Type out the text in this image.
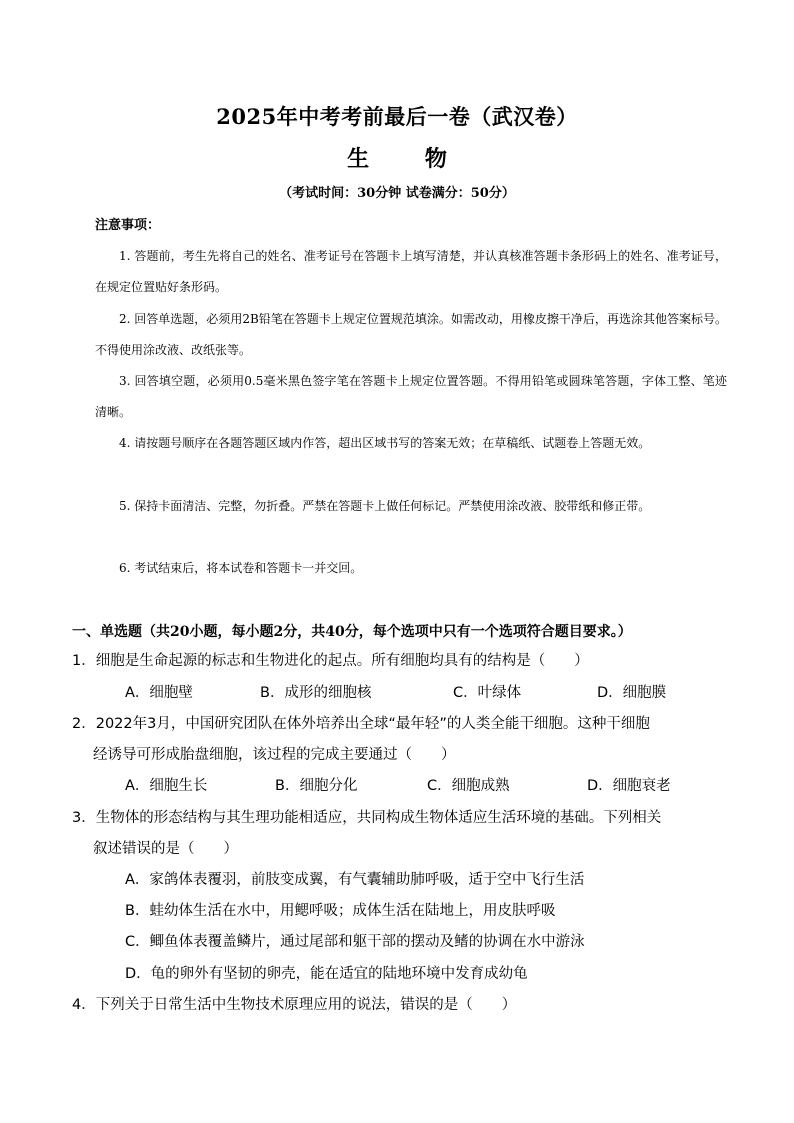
2025年中考考前最后一卷（武汉卷）
生 物
（考试时间：30分钟 试卷满分：50分）
注意事项：
1. 答题前，考生先将自己的姓名、准考证号在答题卡上填写清楚，并认真核准答题卡条形码上的姓名、准考证号，在规定位置贴好条形码。
2. 回答单选题，必须用2B铅笔在答题卡上规定位置规范填涂。如需改动，用橡皮擦干净后，再选涂其他答案标号。不得使用涂改液、改纸张等。
3. 回答填空题，必须用0.5毫米黑色签字笔在答题卡上规定位置答题。不得用铅笔或圆珠笔答题，字体工整、笔迹清晰。
4. 请按题号顺序在各题答题区域内作答，超出区域书写的答案无效；在草稿纸、试题卷上答题无效。
5. 保持卡面清洁、完整，勿折叠。严禁在答题卡上做任何标记。严禁使用涂改液、胶带纸和修正带。
6. 考试结束后，将本试卷和答题卡一并交回。
一、单选题（共20小题，每小题2分，共40分，每个选项中只有一个选项符合题目要求。）
1．细胞是生命起源的标志和生物进化的起点。所有细胞均具有的结构是（　　）
A．细胞壁	B．成形的细胞核	C．叶绿体	D．细胞膜
2．2022年3月，中国研究团队在体外培养出全球“最年轻”的人类全能干细胞。这种干细胞
经诱导可形成胎盘细胞，该过程的完成主要通过（　　）
A．细胞生长	B．细胞分化	C．细胞成熟	D．细胞衰老
3．生物体的形态结构与其生理功能相适应，共同构成生物体适应生活环境的基础。下列相关
叙述错误的是（　　）
A．家鸽体表覆羽，前肢变成翼，有气囊辅助肺呼吸，适于空中飞行生活
B．蛙幼体生活在水中，用鳃呼吸；成体生活在陆地上，用皮肤呼吸
C．鲫鱼体表覆盖鳞片，通过尾部和躯干部的摆动及鳍的协调在水中游泳
D．龟的卵外有坚韧的卵壳，能在适宜的陆地环境中发育成幼龟
4．下列关于日常生活中生物技术原理应用的说法，错误的是（　　）
